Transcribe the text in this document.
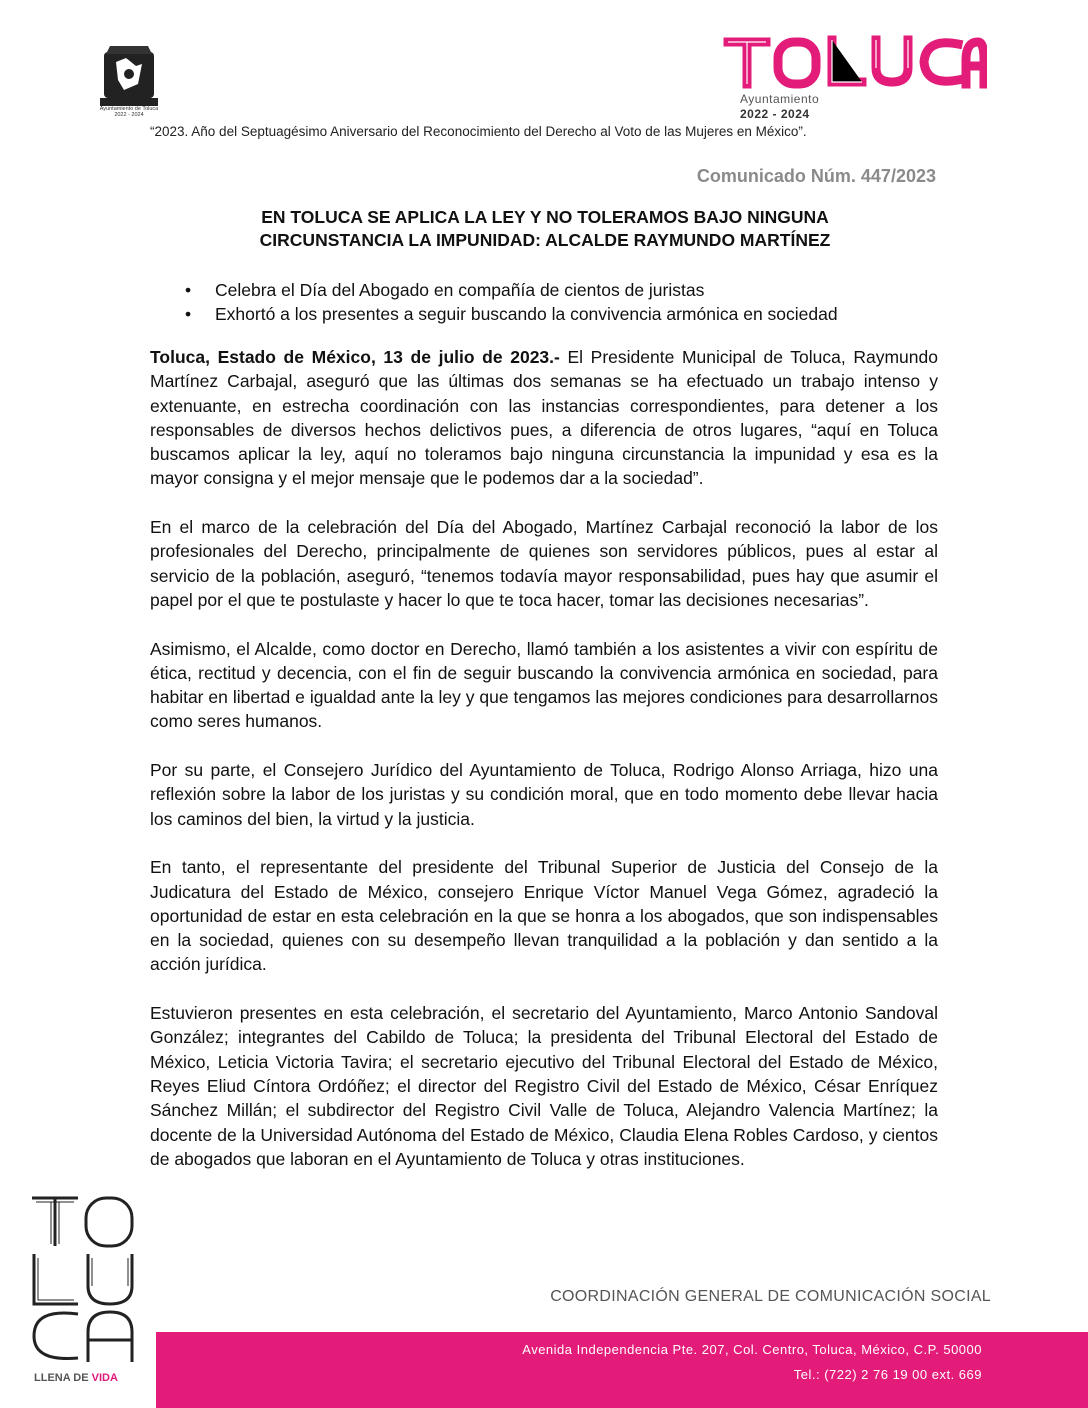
Ayuntamiento de Toluca
2022 - 2024
Ayuntamiento
2022 - 2024
“2023. Año del Septuagésimo Aniversario del Reconocimiento del Derecho al Voto de las Mujeres en México”.
Comunicado Núm. 447/2023
EN TOLUCA SE APLICA LA LEY Y NO TOLERAMOS BAJO NINGUNA
CIRCUNSTANCIA LA IMPUNIDAD: ALCALDE RAYMUNDO MARTÍNEZ
• Celebra el Día del Abogado en compañía de cientos de juristas
• Exhortó a los presentes a seguir buscando la convivencia armónica en sociedad

Toluca, Estado de México, 13 de julio de 2023.- El Presidente Municipal de Toluca, Raymundo Martínez Carbajal, aseguró que las últimas dos semanas se ha efectuado un trabajo intenso y extenuante, en estrecha coordinación con las instancias correspondientes, para detener a los responsables de diversos hechos delictivos pues, a diferencia de otros lugares, “aquí en Toluca buscamos aplicar la ley, aquí no toleramos bajo ninguna circunstancia la impunidad y esa es la mayor consigna y el mejor mensaje que le podemos dar a la sociedad”.

En el marco de la celebración del Día del Abogado, Martínez Carbajal reconoció la labor de los profesionales del Derecho, principalmente de quienes son servidores públicos, pues al estar al servicio de la población, aseguró, “tenemos todavía mayor responsabilidad, pues hay que asumir el papel por el que te postulaste y hacer lo que te toca hacer, tomar las decisiones necesarias”.

Asimismo, el Alcalde, como doctor en Derecho, llamó también a los asistentes a vivir con espíritu de ética, rectitud y decencia, con el fin de seguir buscando la convivencia armónica en sociedad, para habitar en libertad e igualdad ante la ley y que tengamos las mejores condiciones para desarrollarnos como seres humanos.

Por su parte, el Consejero Jurídico del Ayuntamiento de Toluca, Rodrigo Alonso Arriaga, hizo una reflexión sobre la labor de los juristas y su condición moral, que en todo momento debe llevar hacia los caminos del bien, la virtud y la justicia.

En tanto, el representante del presidente del Tribunal Superior de Justicia del Consejo de la Judicatura del Estado de México, consejero Enrique Víctor Manuel Vega Gómez, agradeció la oportunidad de estar en esta celebración en la que se honra a los abogados, que son indispensables en la sociedad, quienes con su desempeño llevan tranquilidad a la población y dan sentido a la acción jurídica.

Estuvieron presentes en esta celebración, el secretario del Ayuntamiento, Marco Antonio Sandoval González; integrantes del Cabildo de Toluca; la presidenta del Tribunal Electoral del Estado de México, Leticia Victoria Tavira; el secretario ejecutivo del Tribunal Electoral del Estado de México, Reyes Eliud Cíntora Ordóñez; el director del Registro Civil del Estado de México, César Enríquez Sánchez Millán; el subdirector del Registro Civil Valle de Toluca, Alejandro Valencia Martínez; la docente de la Universidad Autónoma del Estado de México, Claudia Elena Robles Cardoso, y cientos de abogados que laboran en el Ayuntamiento de Toluca y otras instituciones.

LLENA DE VIDA
COORDINACIÓN GENERAL DE COMUNICACIÓN SOCIAL
Avenida Independencia Pte. 207, Col. Centro, Toluca, México, C.P. 50000
Tel.: (722) 2 76 19 00 ext. 669
